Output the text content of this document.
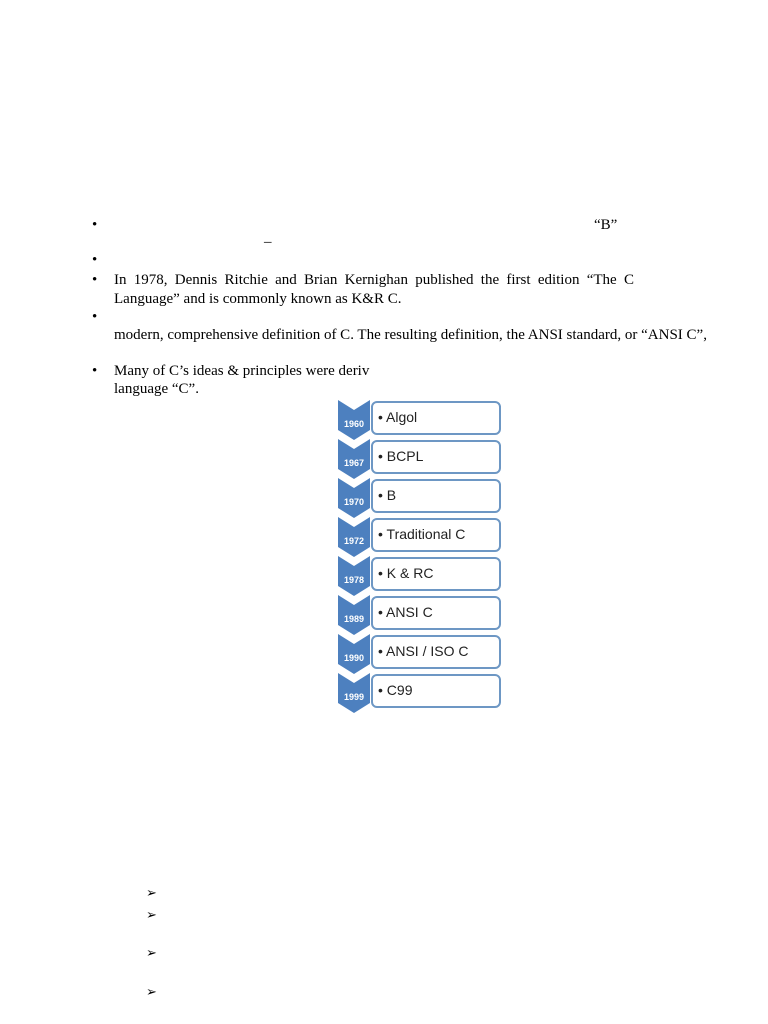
•	“B”
–
•
• In 1978, Dennis Ritchie and Brian Kernighan published the first edition “The C
Language” and is commonly known as K&R C.
•
modern, comprehensive definition of C. The resulting definition, the ANSI standard, or “ANSI C”,
• Many of C’s ideas & principles were deriv
language “C”.
1960 • Algol
1967 • BCPL
1970 • B
1972 • Traditional C
1978 • K & RC
1989 • ANSI C
1990 • ANSI / ISO C
1999 • C99
➢
➢
➢
➢
